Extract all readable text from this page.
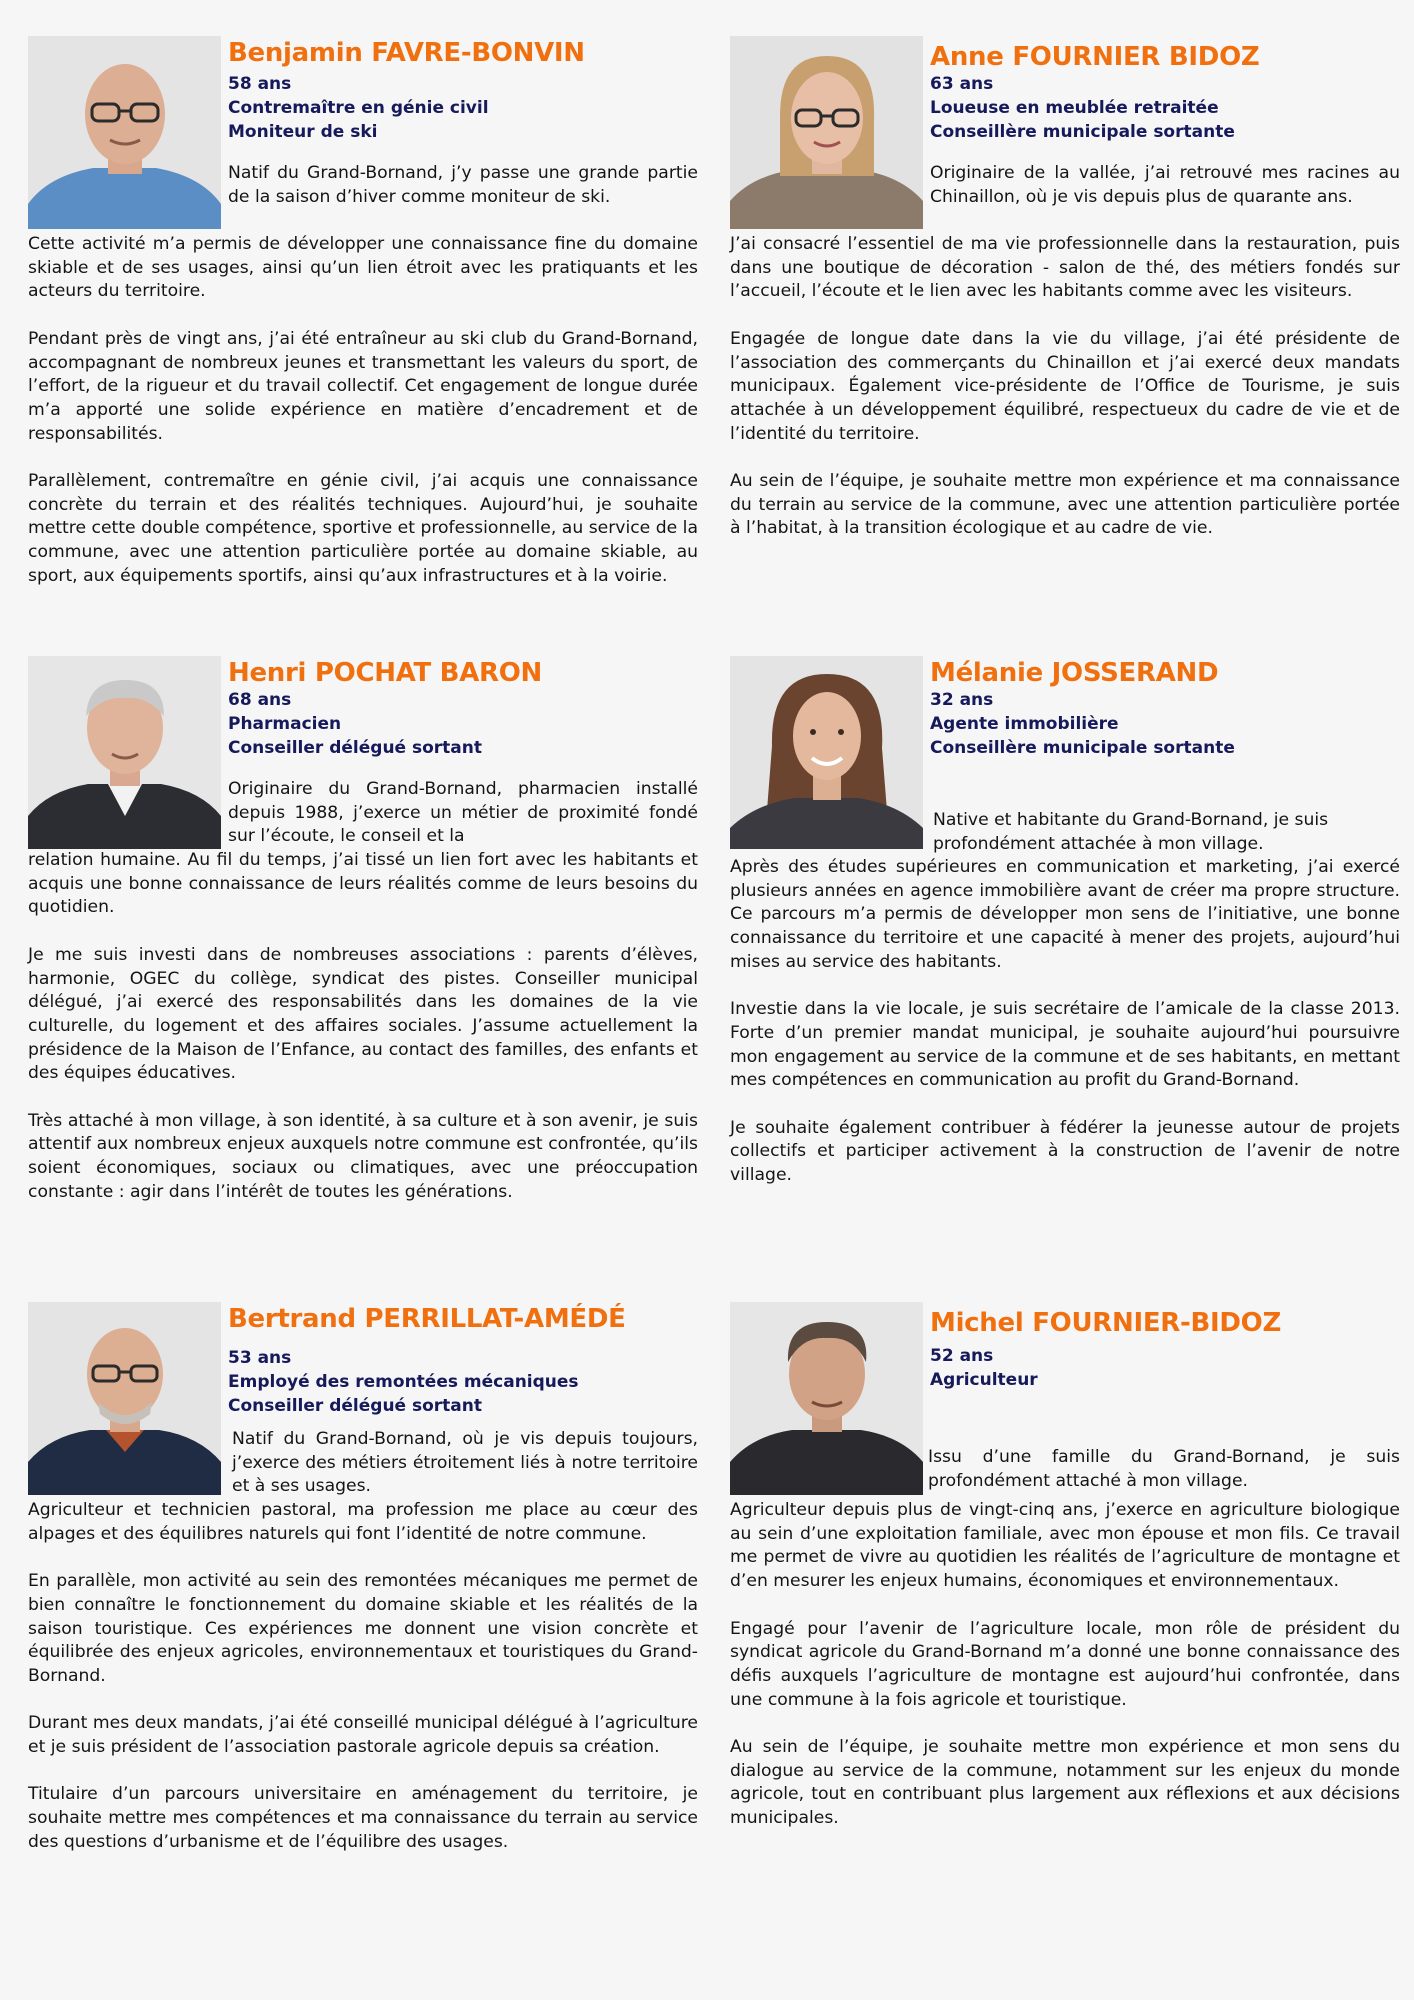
Benjamin FAVRE-BONVIN
58 ans
Contremaître en génie civil
Moniteur de ski
Natif du Grand-Bornand, j’y passe une grande partie de la saison d’hiver comme moniteur de ski.

Cette activité m’a permis de développer une connaissance fine du domaine skiable et de ses usages, ainsi qu’un lien étroit avec les pratiquants et les acteurs du territoire.

Pendant près de vingt ans, j’ai été entraîneur au ski club du Grand-Bornand, accompagnant de nombreux jeunes et transmettant les valeurs du sport, de l’effort, de la rigueur et du travail collectif. Cet engagement de longue durée m’a apporté une solide expérience en matière d’encadrement et de responsabilités.

Parallèlement, contremaître en génie civil, j’ai acquis une connaissance concrète du terrain et des réalités techniques. Aujourd’hui, je souhaite mettre cette double compétence, sportive et professionnelle, au service de la commune, avec une attention particulière portée au domaine skiable, au sport, aux équipements sportifs, ainsi qu’aux infrastructures et à la voirie.

Anne FOURNIER BIDOZ
63 ans
Loueuse en meublée retraitée
Conseillère municipale sortante
Originaire de la vallée, j’ai retrouvé mes racines au Chinaillon, où je vis depuis plus de quarante ans.

J’ai consacré l’essentiel de ma vie professionnelle dans la restauration, puis dans une boutique de décoration - salon de thé, des métiers fondés sur l’accueil, l’écoute et le lien avec les habitants comme avec les visiteurs.

Engagée de longue date dans la vie du village, j’ai été présidente de l’association des commerçants du Chinaillon et j’ai exercé deux mandats municipaux. Également vice-présidente de l’Office de Tourisme, je suis attachée à un développement équilibré, respectueux du cadre de vie et de l’identité du territoire.

Au sein de l’équipe, je souhaite mettre mon expérience et ma connaissance du terrain au service de la commune, avec une attention particulière portée à l’habitat, à la transition écologique et au cadre de vie.

Henri POCHAT BARON
68 ans
Pharmacien
Conseiller délégué sortant
Originaire du Grand-Bornand, pharmacien installé depuis 1988, j’exerce un métier de proximité fondé sur l’écoute, le conseil et la

relation humaine. Au fil du temps, j’ai tissé un lien fort avec les habitants et acquis une bonne connaissance de leurs réalités comme de leurs besoins du quotidien.

Je me suis investi dans de nombreuses associations : parents d’élèves, harmonie, OGEC du collège, syndicat des pistes. Conseiller municipal délégué, j’ai exercé des responsabilités dans les domaines de la vie culturelle, du logement et des affaires sociales. J’assume actuellement la présidence de la Maison de l’Enfance, au contact des familles, des enfants et des équipes éducatives.

Très attaché à mon village, à son identité, à sa culture et à son avenir, je suis attentif aux nombreux enjeux auxquels notre commune est confrontée, qu’ils soient économiques, sociaux ou climatiques, avec une préoccupation constante : agir dans l’intérêt de toutes les générations.

Mélanie JOSSERAND
32 ans
Agente immobilière
Conseillère municipale sortante
Native et habitante du Grand-Bornand, je suis profondément attachée à mon village.

Après des études supérieures en communication et marketing, j’ai exercé plusieurs années en agence immobilière avant de créer ma propre structure. Ce parcours m’a permis de développer mon sens de l’initiative, une bonne connaissance du territoire et une capacité à mener des projets, aujourd’hui mises au service des habitants.

Investie dans la vie locale, je suis secrétaire de l’amicale de la classe 2013. Forte d’un premier mandat municipal, je souhaite aujourd’hui poursuivre mon engagement au service de la commune et de ses habitants, en mettant mes compétences en communication au profit du Grand-Bornand.

Je souhaite également contribuer à fédérer la jeunesse autour de projets collectifs et participer activement à la construction de l’avenir de notre village.

Bertrand PERRILLAT-AMÉDÉ
53 ans
Employé des remontées mécaniques
Conseiller délégué sortant
Natif du Grand-Bornand, où je vis depuis toujours, j’exerce des métiers étroitement liés à notre territoire et à ses usages.

Agriculteur et technicien pastoral, ma profession me place au cœur des alpages et des équilibres naturels qui font l’identité de notre commune.

En parallèle, mon activité au sein des remontées mécaniques me permet de bien connaître le fonctionnement du domaine skiable et les réalités de la saison touristique. Ces expériences me donnent une vision concrète et équilibrée des enjeux agricoles, environnementaux et touristiques du Grand-Bornand.

Durant mes deux mandats, j’ai été conseillé municipal délégué à l’agriculture et je suis président de l’association pastorale agricole depuis sa création.

Titulaire d’un parcours universitaire en aménagement du territoire, je souhaite mettre mes compétences et ma connaissance du terrain au service des questions d’urbanisme et de l’équilibre des usages.

Michel FOURNIER-BIDOZ
52 ans
Agriculteur
Issu d’une famille du Grand-Bornand, je suis profondément attaché à mon village.

Agriculteur depuis plus de vingt-cinq ans, j’exerce en agriculture biologique au sein d’une exploitation familiale, avec mon épouse et mon fils. Ce travail me permet de vivre au quotidien les réalités de l’agriculture de montagne et d’en mesurer les enjeux humains, économiques et environnementaux.

Engagé pour l’avenir de l’agriculture locale, mon rôle de président du syndicat agricole du Grand-Bornand m’a donné une bonne connaissance des défis auxquels l’agriculture de montagne est aujourd’hui confrontée, dans une commune à la fois agricole et touristique.

Au sein de l’équipe, je souhaite mettre mon expérience et mon sens du dialogue au service de la commune, notamment sur les enjeux du monde agricole, tout en contribuant plus largement aux réflexions et aux décisions municipales.
